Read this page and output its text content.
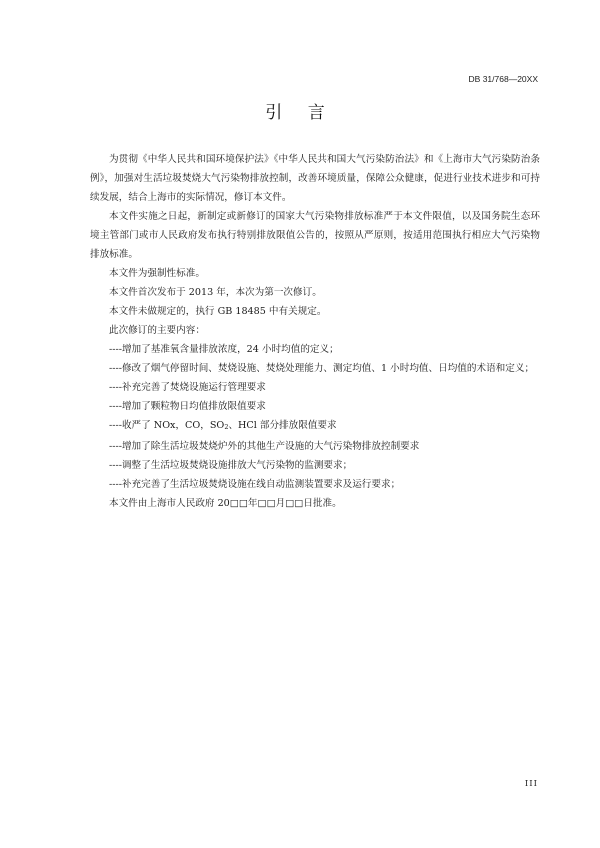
DB 31/768—20XX
引 言

为贯彻《中华人民共和国环境保护法》《中华人民共和国大气污染防治法》和《上海市大气污染防治条例》，加强对生活垃圾焚烧大气污染物排放控制，改善环境质量，保障公众健康，促进行业技术进步和可持续发展，结合上海市的实际情况，修订本文件。

本文件实施之日起，新制定或新修订的国家大气污染物排放标准严于本文件限值，以及国务院生态环境主管部门或市人民政府发布执行特别排放限值公告的，按照从严原则，按适用范围执行相应大气污染物排放标准。

本文件为强制性标准。

本文件首次发布于 2013 年，本次为第一次修订。

本文件未做规定的，执行 GB 18485 中有关规定。

此次修订的主要内容：

----增加了基准氧含量排放浓度，24 小时均值的定义；

----修改了烟气停留时间、焚烧设施、焚烧处理能力、测定均值、1 小时均值、日均值的术语和定义；

----补充完善了焚烧设施运行管理要求

----增加了颗粒物日均值排放限值要求

----收严了 NOx，CO，$SO_2$、HCl 部分排放限值要求

----增加了除生活垃圾焚烧炉外的其他生产设施的大气污染物排放控制要求

----调整了生活垃圾焚烧设施排放大气污染物的监测要求；

----补充完善了生活垃圾焚烧设施在线自动监测装置要求及运行要求；

本文件由上海市人民政府 20□□年□□月□□日批准。

III
